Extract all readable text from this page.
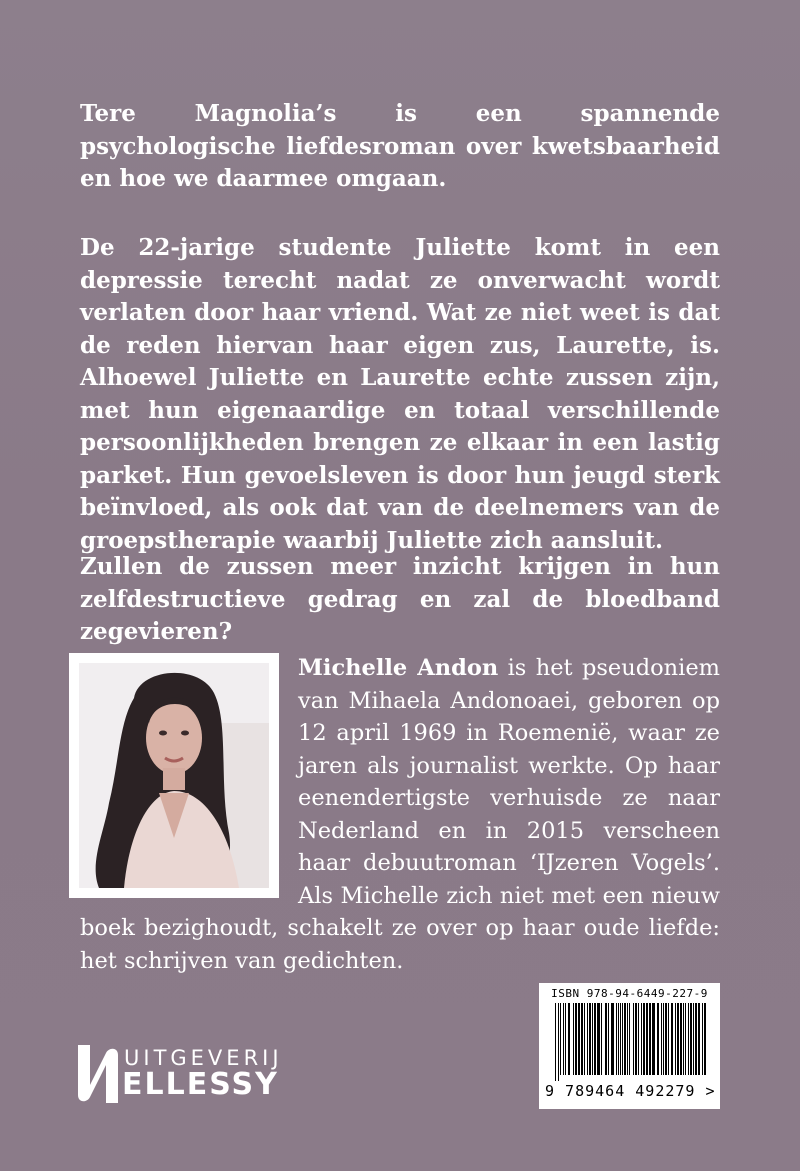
Tere Magnolia’s is een spannende psychologische liefdesroman over kwetsbaarheid en hoe we daarmee omgaan.

De 22-jarige studente Juliette komt in een depressie terecht nadat ze onverwacht wordt verlaten door haar vriend. Wat ze niet weet is dat de reden hiervan haar eigen zus, Laurette, is. Alhoewel Juliette en Laurette echte zussen zijn, met hun eigenaardige en totaal verschillende persoonlijkheden brengen ze elkaar in een lastig parket. Hun gevoelsleven is door hun jeugd sterk beïnvloed, als ook dat van de deelnemers van de groepstherapie waarbij Juliette zich aansluit.

Zullen de zussen meer inzicht krijgen in hun zelfdestructieve gedrag en zal de bloedband zegevieren?

Michelle Andon is het pseudoniem van Mihaela Andonoaei, geboren op 12 april 1969 in Roemenië, waar ze jaren als journalist werkte. Op haar eenendertigste verhuisde ze naar Nederland en in 2015 verscheen haar debuutroman ‘IJzeren Vogels’. Als Michelle zich niet met een nieuw boek bezighoudt, schakelt ze over op haar oude liefde: het schrijven van gedichten.

ISBN 978-94-6449-227-9
9 789464 492279 >
UITGEVERIJ
ELLESSY
